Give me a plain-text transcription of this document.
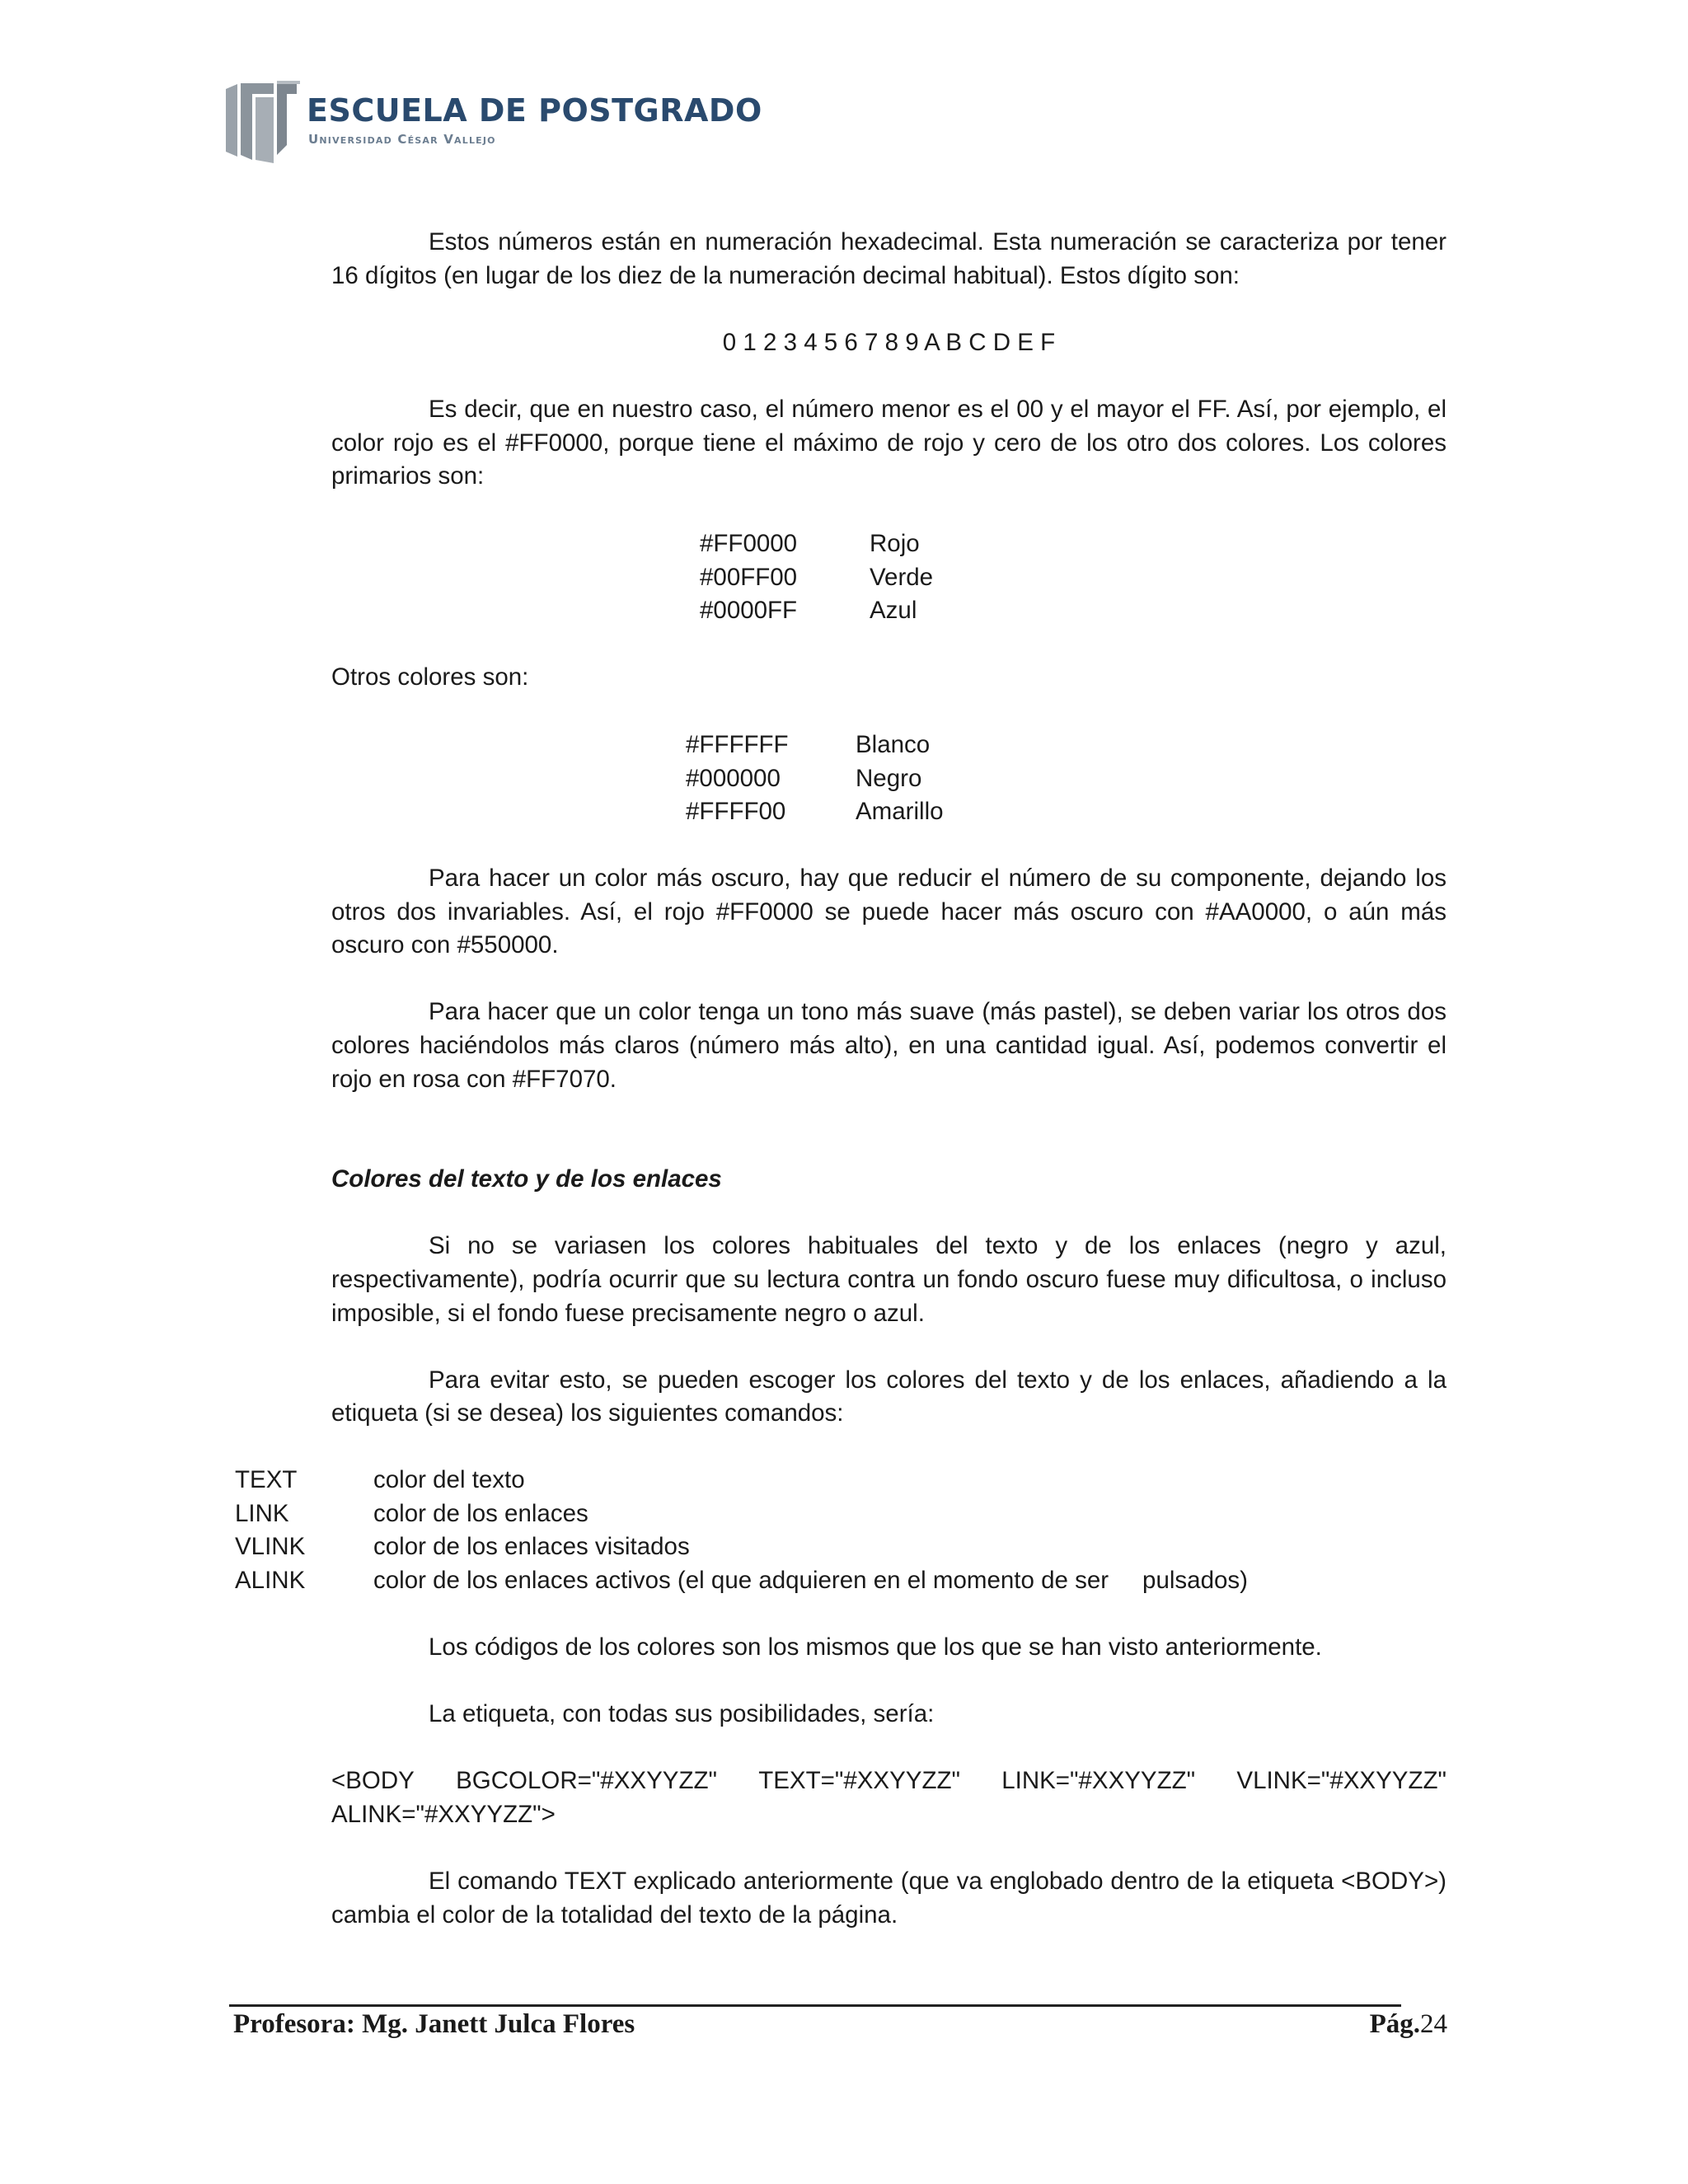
ESCUELA DE POSTGRADO
Universidad César Vallejo

Estos números están en numeración hexadecimal. Esta numeración se caracteriza por tener 16 dígitos (en lugar de los diez de la numeración decimal habitual). Estos dígito son:

0 1 2 3 4 5 6 7 8 9 A B C D E F

Es decir, que en nuestro caso, el número menor es el 00 y el mayor el FF. Así, por ejemplo, el color rojo es el #FF0000, porque tiene el máximo de rojo y cero de los otro dos colores. Los colores primarios son:

#FF0000	Rojo
#00FF00	Verde
#0000FF	Azul
Otros colores son:
#FFFFFF	Blanco
#000000	Negro
#FFFF00	Amarillo

Para hacer un color más oscuro, hay que reducir el número de su componente, dejando los otros dos invariables. Así, el rojo #FF0000 se puede hacer más oscuro con #AA0000, o aún más oscuro con #550000.

Para hacer que un color tenga un tono más suave (más pastel), se deben variar los otros dos colores haciéndolos más claros (número más alto), en una cantidad igual. Así, podemos convertir el rojo en rosa con #FF7070.

Colores del texto y de los enlaces

Si no se variasen los colores habituales del texto y de los enlaces (negro y azul, respectivamente), podría ocurrir que su lectura contra un fondo oscuro fuese muy dificultosa, o incluso imposible, si el fondo fuese precisamente negro o azul.

Para evitar esto, se pueden escoger los colores del texto y de los enlaces, añadiendo a la etiqueta (si se desea) los siguientes comandos:

TEXT	color del texto
LINK	color de los enlaces
VLINK	color de los enlaces visitados
ALINK	color de los enlaces activos (el que adquieren en el momento de ser     pulsados)

Los códigos de los colores son los mismos que los que se han visto anteriormente.

La etiqueta, con todas sus posibilidades, sería:

<BODY BGCOLOR="#XXYYZZ" TEXT="#XXYYZZ" LINK="#XXYYZZ" VLINK="#XXYYZZ"

ALINK="#XXYYZZ">

El comando TEXT explicado anteriormente (que va englobado dentro de la etiqueta <BODY>) cambia el color de la totalidad del texto de la página.

Profesora: Mg. Janett Julca Flores	Pág.24
